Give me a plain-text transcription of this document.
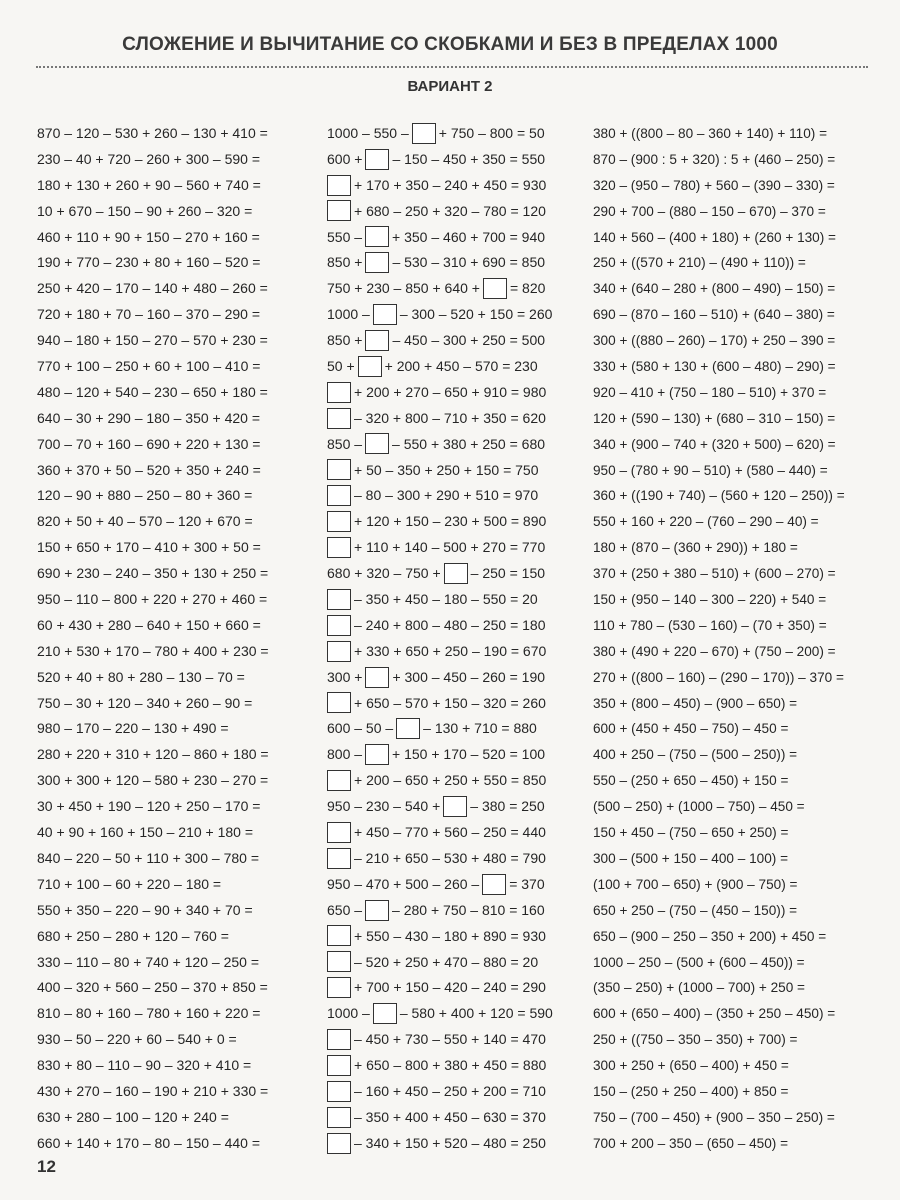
СЛОЖЕНИЕ И ВЫЧИТАНИЕ СО СКОБКАМИ И БЕЗ В ПРЕДЕЛАХ 1000
ВАРИАНТ 2
870 – 120 – 530 + 260 – 130 + 410 =
230 – 40 + 720 – 260 + 300 – 590 =
180 + 130 + 260 + 90 – 560 + 740 =
10 + 670 – 150 – 90 + 260 – 320 =
460 + 110 + 90 + 150 – 270 + 160 =
190 + 770 – 230 + 80 + 160 – 520 =
250 + 420 – 170 – 140 + 480 – 260 =
720 + 180 + 70 – 160 – 370 – 290 =
940 – 180 + 150 – 270 – 570 + 230 =
770 + 100 – 250 + 60 + 100 – 410 =
480 – 120 + 540 – 230 – 650 + 180 =
640 – 30 + 290 – 180 – 350 + 420 =
700 – 70 + 160 – 690 + 220 + 130 =
360 + 370 + 50 – 520 + 350 + 240 =
120 – 90 + 880 – 250 – 80 + 360 =
820 + 50 + 40 – 570 – 120 + 670 =
150 + 650 + 170 – 410 + 300 + 50 =
690 + 230 – 240 – 350 + 130 + 250 =
950 – 110 – 800 + 220 + 270 + 460 =
60 + 430 + 280 – 640 + 150 + 660 =
210 + 530 + 170 – 780 + 400 + 230 =
520 + 40 + 80 + 280 – 130 – 70 =
750 – 30 + 120 – 340 + 260 – 90 =
980 – 170 – 220 – 130 + 490 =
280 + 220 + 310 + 120 – 860 + 180 =
300 + 300 + 120 – 580 + 230 – 270 =
30 + 450 + 190 – 120 + 250 – 170 =
40 + 90 + 160 + 150 – 210 + 180 =
840 – 220 – 50 + 110 + 300 – 780 =
710 + 100 – 60 + 220 – 180 =
550 + 350 – 220 – 90 + 340 + 70 =
680 + 250 – 280 + 120 – 760 =
330 – 110 – 80 + 740 + 120 – 250 =
400 – 320 + 560 – 250 – 370 + 850 =
810 – 80 + 160 – 780 + 160 + 220 =
930 – 50 – 220 + 60 – 540 + 0 =
830 + 80 – 110 – 90 – 320 + 410 =
430 + 270 – 160 – 190 + 210 + 330 =
630 + 280 – 100 – 120 + 240 =
660 + 140 + 170 – 80 – 150 – 440 =
1000 – 550 – + 750 – 800 = 50
600 + – 150 – 450 + 350 = 550
+ 170 + 350 – 240 + 450 = 930
+ 680 – 250 + 320 – 780 = 120
550 – + 350 – 460 + 700 = 940
850 + – 530 – 310 + 690 = 850
750 + 230 – 850 + 640 + = 820
1000 – – 300 – 520 + 150 = 260
850 + – 450 – 300 + 250 = 500
50 + + 200 + 450 – 570 = 230
+ 200 + 270 – 650 + 910 = 980
– 320 + 800 – 710 + 350 = 620
850 – – 550 + 380 + 250 = 680
+ 50 – 350 + 250 + 150 = 750
– 80 – 300 + 290 + 510 = 970
+ 120 + 150 – 230 + 500 = 890
+ 110 + 140 – 500 + 270 = 770
680 + 320 – 750 + – 250 = 150
– 350 + 450 – 180 – 550 = 20
– 240 + 800 – 480 – 250 = 180
+ 330 + 650 + 250 – 190 = 670
300 + + 300 – 450 – 260 = 190
+ 650 – 570 + 150 – 320 = 260
600 – 50 – – 130 + 710 = 880
800 – + 150 + 170 – 520 = 100
+ 200 – 650 + 250 + 550 = 850
950 – 230 – 540 + – 380 = 250
+ 450 – 770 + 560 – 250 = 440
– 210 + 650 – 530 + 480 = 790
950 – 470 + 500 – 260 – = 370
650 – – 280 + 750 – 810 = 160
+ 550 – 430 – 180 + 890 = 930
– 520 + 250 + 470 – 880 = 20
+ 700 + 150 – 420 – 240 = 290
1000 – – 580 + 400 + 120 = 590
– 450 + 730 – 550 + 140 = 470
+ 650 – 800 + 380 + 450 = 880
– 160 + 450 – 250 + 200 = 710
– 350 + 400 + 450 – 630 = 370
– 340 + 150 + 520 – 480 = 250
380 + ((800 – 80 – 360 + 140) + 110) =
870 – (900 : 5 + 320) : 5 + (460 – 250) =
320 – (950 – 780) + 560 – (390 – 330) =
290 + 700 – (880 – 150 – 670) – 370 =
140 + 560 – (400 + 180) + (260 + 130) =
250 + ((570 + 210) – (490 + 110)) =
340 + (640 – 280 + (800 – 490) – 150) =
690 – (870 – 160 – 510) + (640 – 380) =
300 + ((880 – 260) – 170) + 250 – 390 =
330 + (580 + 130 + (600 – 480) – 290) =
920 – 410 + (750 – 180 – 510) + 370 =
120 + (590 – 130) + (680 – 310 – 150) =
340 + (900 – 740 + (320 + 500) – 620) =
950 – (780 + 90 – 510) + (580 – 440) =
360 + ((190 + 740) – (560 + 120 – 250)) =
550 + 160 + 220 – (760 – 290 – 40) =
180 + (870 – (360 + 290)) + 180 =
370 + (250 + 380 – 510) + (600 – 270) =
150 + (950 – 140 – 300 – 220) + 540 =
110 + 780 – (530 – 160) – (70 + 350) =
380 + (490 + 220 – 670) + (750 – 200) =
270 + ((800 – 160) – (290 – 170)) – 370 =
350 + (800 – 450) – (900 – 650) =
600 + (450 + 450 – 750) – 450 =
400 + 250 – (750 – (500 – 250)) =
550 – (250 + 650 – 450) + 150 =
(500 – 250) + (1000 – 750) – 450 =
150 + 450 – (750 – 650 + 250) =
300 – (500 + 150 – 400 – 100) =
(100 + 700 – 650) + (900 – 750) =
650 + 250 – (750 – (450 – 150)) =
650 – (900 – 250 – 350 + 200) + 450 =
1000 – 250 – (500 + (600 – 450)) =
(350 – 250) + (1000 – 700) + 250 =
600 + (650 – 400) – (350 + 250 – 450) =
250 + ((750 – 350 – 350) + 700) =
300 + 250 + (650 – 400) + 450 =
150 – (250 + 250 – 400) + 850 =
750 – (700 – 450) + (900 – 350 – 250) =
700 + 200 – 350 – (650 – 450) =
12
